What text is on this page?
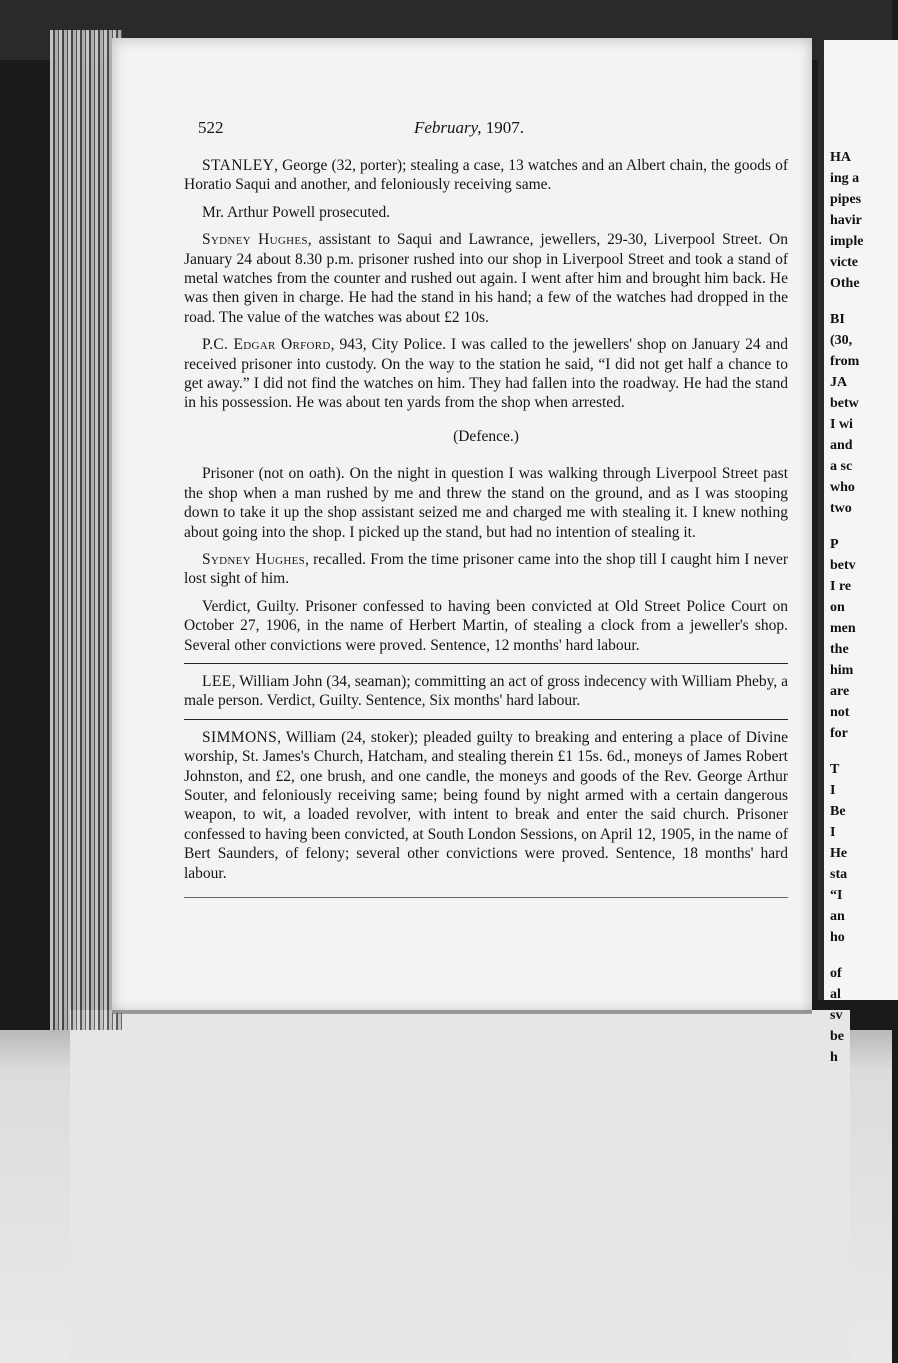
HA
ing a
pipes
havir
imple
victe
Othe
BI
(30,
from
JA
betw
I wi
and
a sc
who
two
P
betv
I re
on
men
the
him
are
not
for
T
I
Be
I
He
sta
“I
an
ho
of
al
sv
be
h
522	February, 1907.

STANLEY, George (32, porter); stealing a case, 13 watches and an Albert chain, the goods of Horatio Saqui and another, and feloniously receiving same.

Mr. Arthur Powell prosecuted.

Sydney Hughes, assistant to Saqui and Lawrance, jewellers, 29-30, Liverpool Street. On January 24 about 8.30 p.m. prisoner rushed into our shop in Liverpool Street and took a stand of metal watches from the counter and rushed out again. I went after him and brought him back. He was then given in charge. He had the stand in his hand; a few of the watches had dropped in the road. The value of the watches was about £2 10s.

P.C. Edgar Orford, 943, City Police. I was called to the jewellers' shop on January 24 and received prisoner into custody. On the way to the station he said, “I did not get half a chance to get away.” I did not find the watches on him. They had fallen into the roadway. He had the stand in his possession. He was about ten yards from the shop when arrested.

(Defence.)

Prisoner (not on oath). On the night in question I was walking through Liverpool Street past the shop when a man rushed by me and threw the stand on the ground, and as I was stooping down to take it up the shop assistant seized me and charged me with stealing it. I knew nothing about going into the shop. I picked up the stand, but had no intention of stealing it.

Sydney Hughes, recalled. From the time prisoner came into the shop till I caught him I never lost sight of him.

Verdict, Guilty. Prisoner confessed to having been convicted at Old Street Police Court on October 27, 1906, in the name of Herbert Martin, of stealing a clock from a jeweller's shop. Several other convictions were proved. Sentence, 12 months' hard labour.

LEE, William John (34, seaman); committing an act of gross indecency with William Pheby, a male person. Verdict, Guilty. Sentence, Six months' hard labour.

SIMMONS, William (24, stoker); pleaded guilty to breaking and entering a place of Divine worship, St. James's Church, Hatcham, and stealing therein £1 15s. 6d., moneys of James Robert Johnston, and £2, one brush, and one candle, the moneys and goods of the Rev. George Arthur Souter, and feloniously receiving same; being found by night armed with a certain dangerous weapon, to wit, a loaded revolver, with intent to break and enter the said church. Prisoner confessed to having been convicted, at South London Sessions, on April 12, 1905, in the name of Bert Saunders, of felony; several other convictions were proved. Sentence, 18 months' hard labour.
